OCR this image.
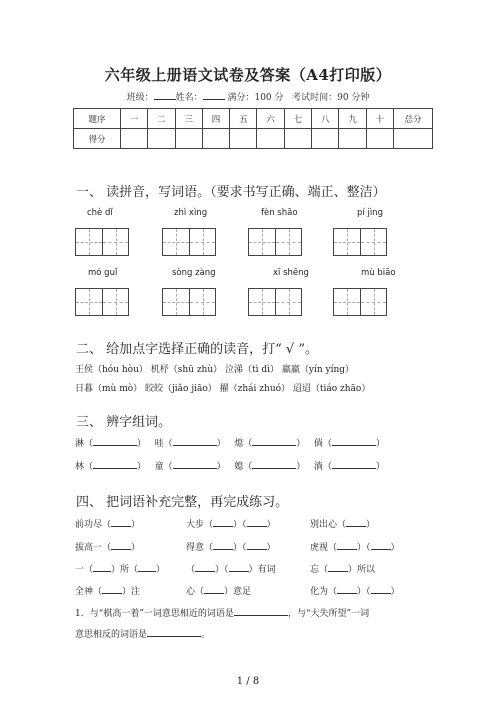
六年级上册语文试卷及答案（A4打印版）
班级： 姓名：	满分：100 分 考试时间：90 分钟
题序	一	二	三	四	五	六	七	八	九	十	总分
得分											
一、 读拼音，写词语。（要求书写正确、端正、整洁）
chè dǐ	zhì xìng	fèn shāo	pí jìng
mó guǐ	sòng zàng	xī shēng	mù biāo
二、 给加点字选择正确的读音，打“ √ ”。
王侯（hóu hòu） 机杼（shū zhù） 泣涕（tì dì） 羸羸（yín yíng）
日暮（mù mò） 皎皎（jiǎo jiāo） 擢（zhái zhuó） 迢迢（tiáo zhāo）
三、 辨字组词。
淋（	） 哇（	） 熄（	） 倘（	）
林（	） 童（	） 媳（	） 淌（	）
四、 把词语补充完整，再完成练习。
前功尽（ ）	大步（ ）（ ）	别出心（ ）
拔高一（ ）	得意（ ）（ ）	虎视（ ）（ ）
一（ ）所（ ） （ ）（ ）有词	忘（ ）所以
全神（ ）注	心（ ）意足	化为（ ）（ ）
1．与“棋高一着”一词意思相近的词语是	，与“大失所望”一词
意思相反的词语是	。
1 / 8
